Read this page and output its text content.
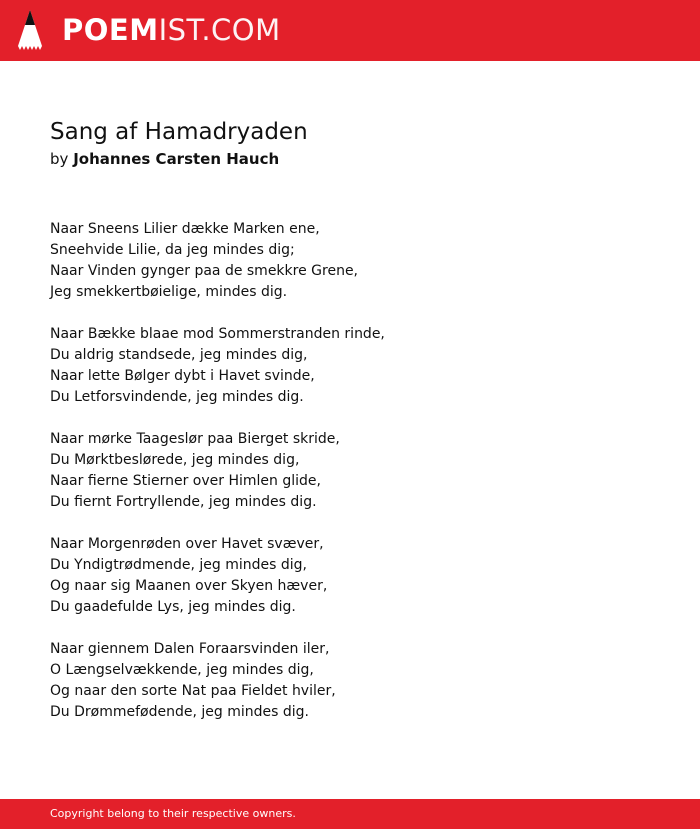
POEMIST.COM
Sang af Hamadryaden
by Johannes Carsten Hauch
Naar Sneens Lilier dække Marken ene,
Sneehvide Lilie, da jeg mindes dig;
Naar Vinden gynger paa de smekkre Grene,
Jeg smekkertbøielige, mindes dig.
Naar Bække blaae mod Sommerstranden rinde,
Du aldrig standsede, jeg mindes dig,
Naar lette Bølger dybt i Havet svinde,
Du Letforsvindende, jeg mindes dig.
Naar mørke Taageslør paa Bierget skride,
Du Mørktbeslørede, jeg mindes dig,
Naar fierne Stierner over Himlen glide,
Du fiernt Fortryllende, jeg mindes dig.
Naar Morgenrøden over Havet svæver,
Du Yndigtrødmende, jeg mindes dig,
Og naar sig Maanen over Skyen hæver,
Du gaadefulde Lys, jeg mindes dig.
Naar giennem Dalen Foraarsvinden iler,
O Længselvækkende, jeg mindes dig,
Og naar den sorte Nat paa Fieldet hviler,
Du Drømmefødende, jeg mindes dig.
Copyright belong to their respective owners.
